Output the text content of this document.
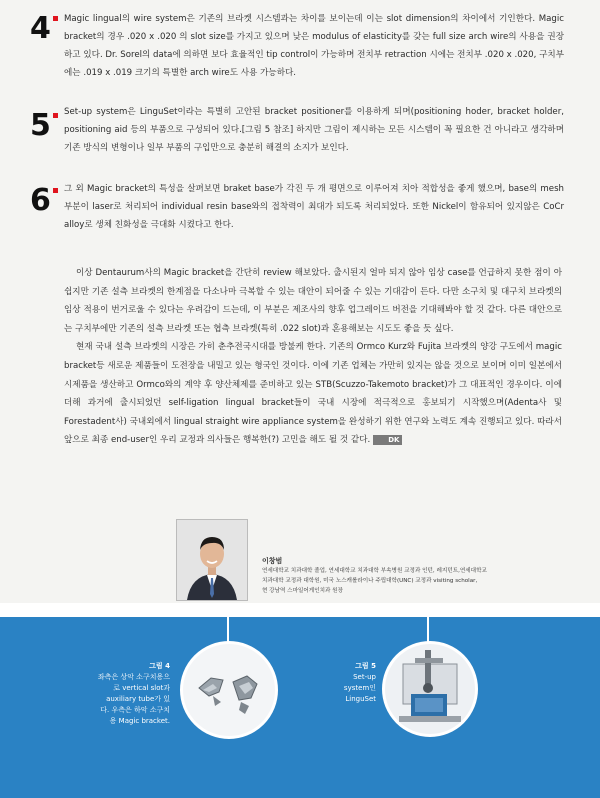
4 Magic lingual의 wire system은 기존의 브라켓 시스템과는 차이를 보이는데 이는 slot dimension의 차이에서 기인한다. Magic bracket의 경우 .020 x .020 의 slot size를 가지고 있으며 낮은 modulus of elasticity를 갖는 full size arch wire의 사용을 권장하고 있다. Dr. Sorel의 data에 의하면 보다 효율적인 tip control이 가능하며 전치부 retraction 시에는 전치부 .020 x .020, 구치부에는 .019 x .019 크기의 특별한 arch wire도 사용 가능하다.
5 Set-up system은 LinguSet이라는 특별히 고안된 bracket positioner를 이용하게 되며(positioning hoder, bracket holder, positioning aid 등의 부품으로 구성되어 있다.[그림 5 참조] 하지만 그림이 제시하는 모든 시스템이 꼭 필요한 건 아니라고 생각하며 기존 방식의 변형이나 일부 부품의 구입만으로 충분히 해결의 소지가 보인다.
6 그 외 Magic bracket의 특성을 살펴보면 braket base가 각진 두 개 평면으로 이루어져 치아 적합성을 좋게 했으며, base의 mesh 부분이 laser로 처리되어 individual resin base와의 접착력이 최대가 되도록 처리되었다. 또한 Nickel이 함유되어 있지않은 CoCr alloy로 생체 친화성을 극대화 시켰다고 한다.

이상 Dentaurum사의 Magic bracket을 간단히 review 해보았다. 출시된지 얼마 되지 않아 임상 case를 언급하지 못한 점이 아쉽지만 기존 설측 브라켓의 한계점을 다소나마 극복할 수 있는 대안이 되어줄 수 있는 기대감이 든다. 다만 소구치 및 대구치 브라켓의 임상 적용이 번거로울 수 있다는 우려감이 드는데, 이 부분은 제조사의 향후 업그레이드 버전을 기대해봐야 할 것 같다. 다른 대안으로는 구치부에만 기존의 설측 브라켓 또는 협측 브라켓(특히 .022 slot)과 혼용해보는 시도도 좋을 듯 싶다.

현재 국내 설측 브라켓의 시장은 가히 춘추전국시대를 방불케 한다. 기존의 Ormco Kurz와 Fujita 브라켓의 양강 구도에서 magic bracket등 새로운 제품들이 도전장을 내밀고 있는 형국인 것이다. 이에 기존 업체는 가만히 있지는 않을 것으로 보이며 이미 일본에서 시제품을 생산하고 Ormco와의 계약 후 양산체제를 준비하고 있는 STB(Scuzzo-Takemoto bracket)가 그 대표적인 경우이다. 이에 더해 과거에 출시되었던 self-ligation lingual bracket들이 국내 시장에 적극적으로 홍보되기 시작했으며(Adenta사 및 Forestadent사) 국내외에서 lingual straight wire appliance system을 완성하기 위한 연구와 노력도 계속 진행되고 있다. 따라서 앞으로 최종 end-user인 우리 교정과 의사들은 행복한(?) 고민을 해도 될 것 같다.	DK

이창범
연세대학교 치과대학 졸업, 연세대학교 치과대학 부속병원 교정과 인턴, 레지던트,연세대학교
치과대학 교정과 대학원, 미국 노스캐롤라이나 주립대학(UNC) 교정과 visiting scholar,
현 강남역 스마일어게인치과 원장
그림 4
좌측은 상악 소구치용으
로 vertical slot과
auxiliary tube가 있
다. 우측은 하악 소구치
용 Magic bracket.
그림 5
Set-up
system인
LinguSet
